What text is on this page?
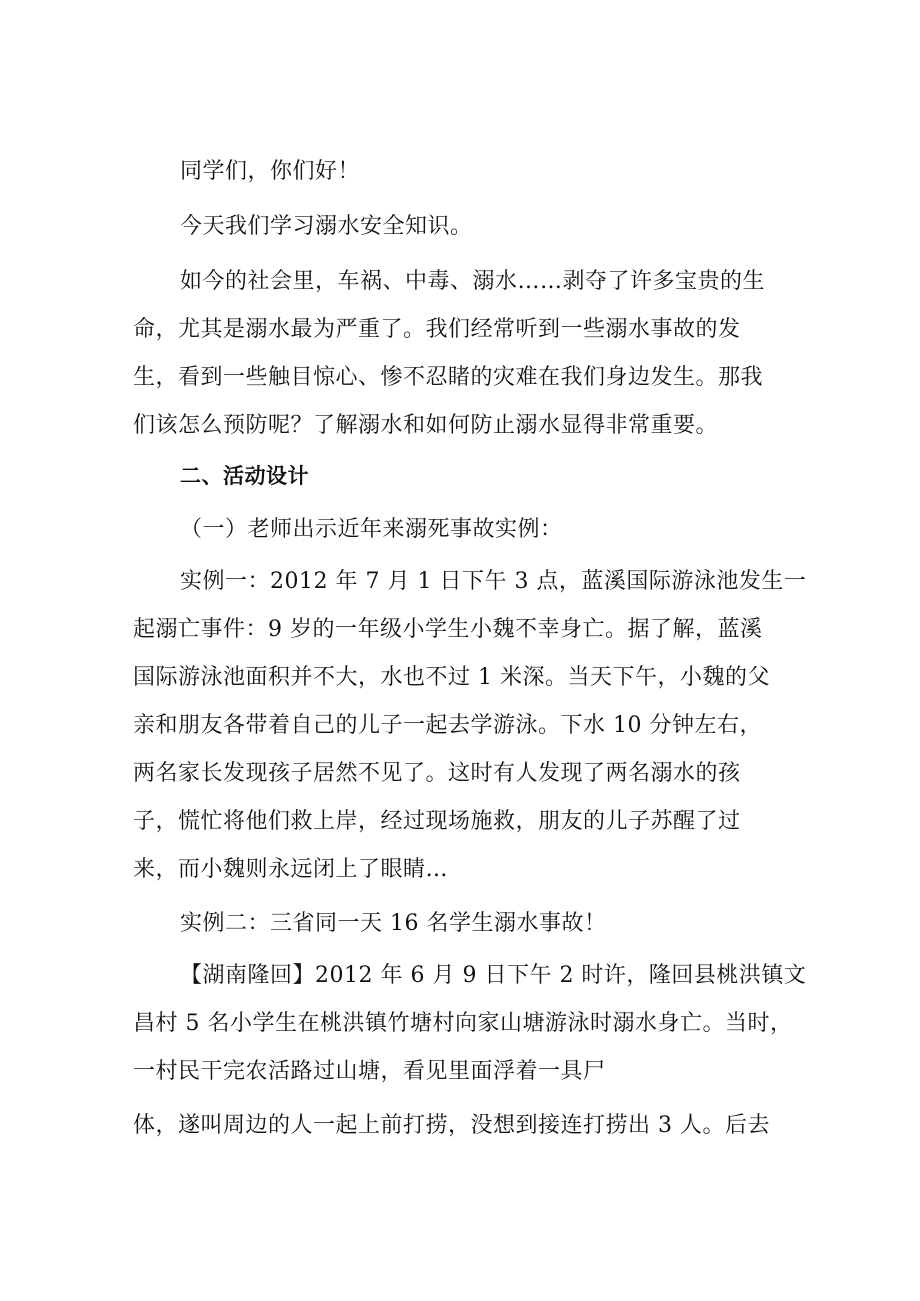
同学们，你们好！
今天我们学习溺水安全知识。
如今的社会里，车祸、中毒、溺水……剥夺了许多宝贵的生
命，尤其是溺水最为严重了。我们经常听到一些溺水事故的发
生，看到一些触目惊心、惨不忍睹的灾难在我们身边发生。那我
们该怎么预防呢？了解溺水和如何防止溺水显得非常重要。
二、活动设计
（一）老师出示近年来溺死事故实例：
实例一：2012 年 7 月 1 日下午 3 点，蓝溪国际游泳池发生一
起溺亡事件：9 岁的一年级小学生小魏不幸身亡。据了解，蓝溪
国际游泳池面积并不大，水也不过 1 米深。当天下午，小魏的父
亲和朋友各带着自己的儿子一起去学游泳。下水 10 分钟左右，
两名家长发现孩子居然不见了。这时有人发现了两名溺水的孩
子，慌忙将他们救上岸，经过现场施救，朋友的儿子苏醒了过
来，而小魏则永远闭上了眼睛…
实例二：三省同一天 16 名学生溺水事故！
【湖南隆回】2012 年 6 月 9 日下午 2 时许，隆回县桃洪镇文
昌村 5 名小学生在桃洪镇竹塘村向家山塘游泳时溺水身亡。当时，
一村民干完农活路过山塘，看见里面浮着一具尸
体，遂叫周边的人一起上前打捞，没想到接连打捞出 3 人。后去
